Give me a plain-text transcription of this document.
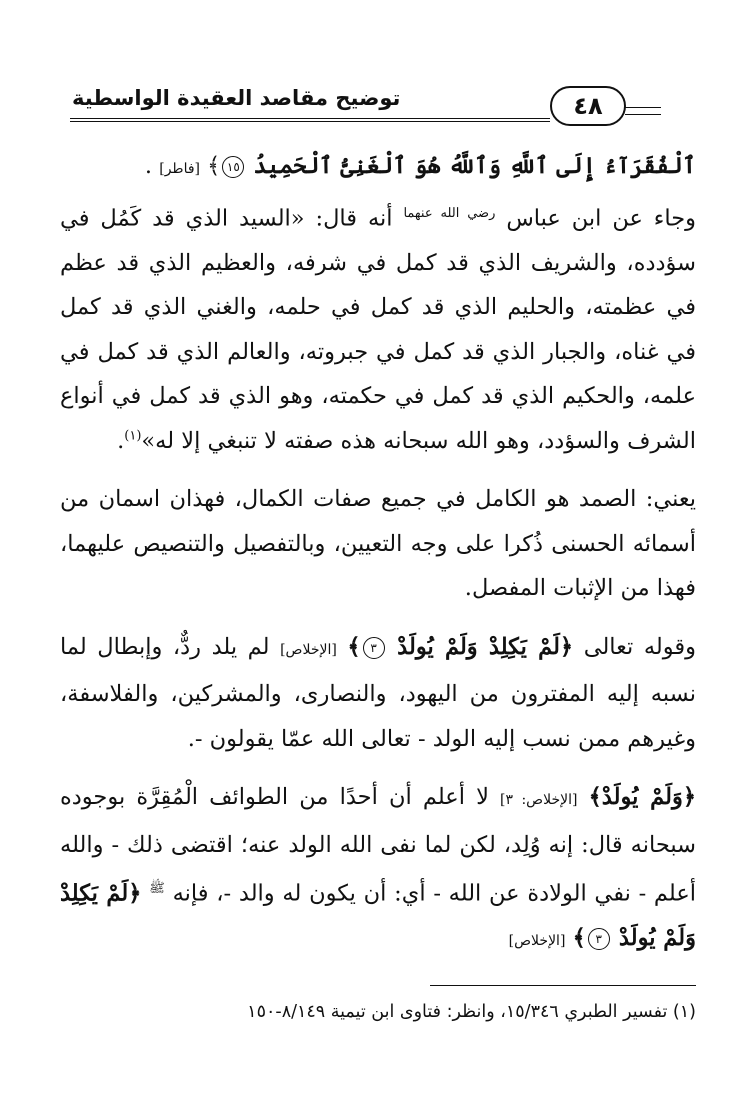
توضيح مقاصد العقيدة الواسطية	٤٨

ٱلْفُقَرَآءُ إِلَى ٱللَّهِ وَٱللَّهُ هُوَ ٱلْغَنِىُّ ٱلْحَمِيدُ ١٥﴾ [فاطر] .

وجاء عن ابن عباس $^{رضي الله عنهما}$ أنه قال: «السيد الذي قد كَمُل في سؤدده، والشريف الذي قد كمل في شرفه، والعظيم الذي قد عظم في عظمته، والحليم الذي قد كمل في حلمه، والغني الذي قد كمل في غناه، والجبار الذي قد كمل في جبروته، والعالم الذي قد كمل في علمه، والحكيم الذي قد كمل في حكمته، وهو الذي قد كمل في أنواع الشرف والسؤدد، وهو الله سبحانه هذه صفته لا تنبغي إلا له»$^{(١)}$.

يعني: الصمد هو الكامل في جميع صفات الكمال، فهذان اسمان من أسمائه الحسنى ذُكرا على وجه التعيين، وبالتفصيل والتنصيص عليهما، فهذا من الإثبات المفصل.

وقوله تعالى ﴿لَمْ يَكِلِدْ وَلَمْ يُولَدْ ٣﴾ [الإخلاص] لم يلد ردٌّ، وإبطال لما نسبه إليه المفترون من اليهود، والنصارى، والمشركين، والفلاسفة، وغيرهم ممن نسب إليه الولد - تعالى الله عمّا يقولون -.

﴿وَلَمْ يُولَدْ﴾ [الإخلاص: ٣] لا أعلم أن أحدًا من الطوائف الْمُقِرَّة بوجوده سبحانه قال: إنه وُلِد، لكن لما نفى الله الولد عنه؛ اقتضى ذلك - والله أعلم - نفي الولادة عن الله - أي: أن يكون له والد -، فإنه $^ﷺ$ ﴿لَمْ يَكِلِدْ وَلَمْ يُولَدْ ٣﴾ [الإخلاص]

(١) تفسير الطبري ١٥/٣٤٦، وانظر: فتاوى ابن تيمية ٨/١٤٩-١٥٠
